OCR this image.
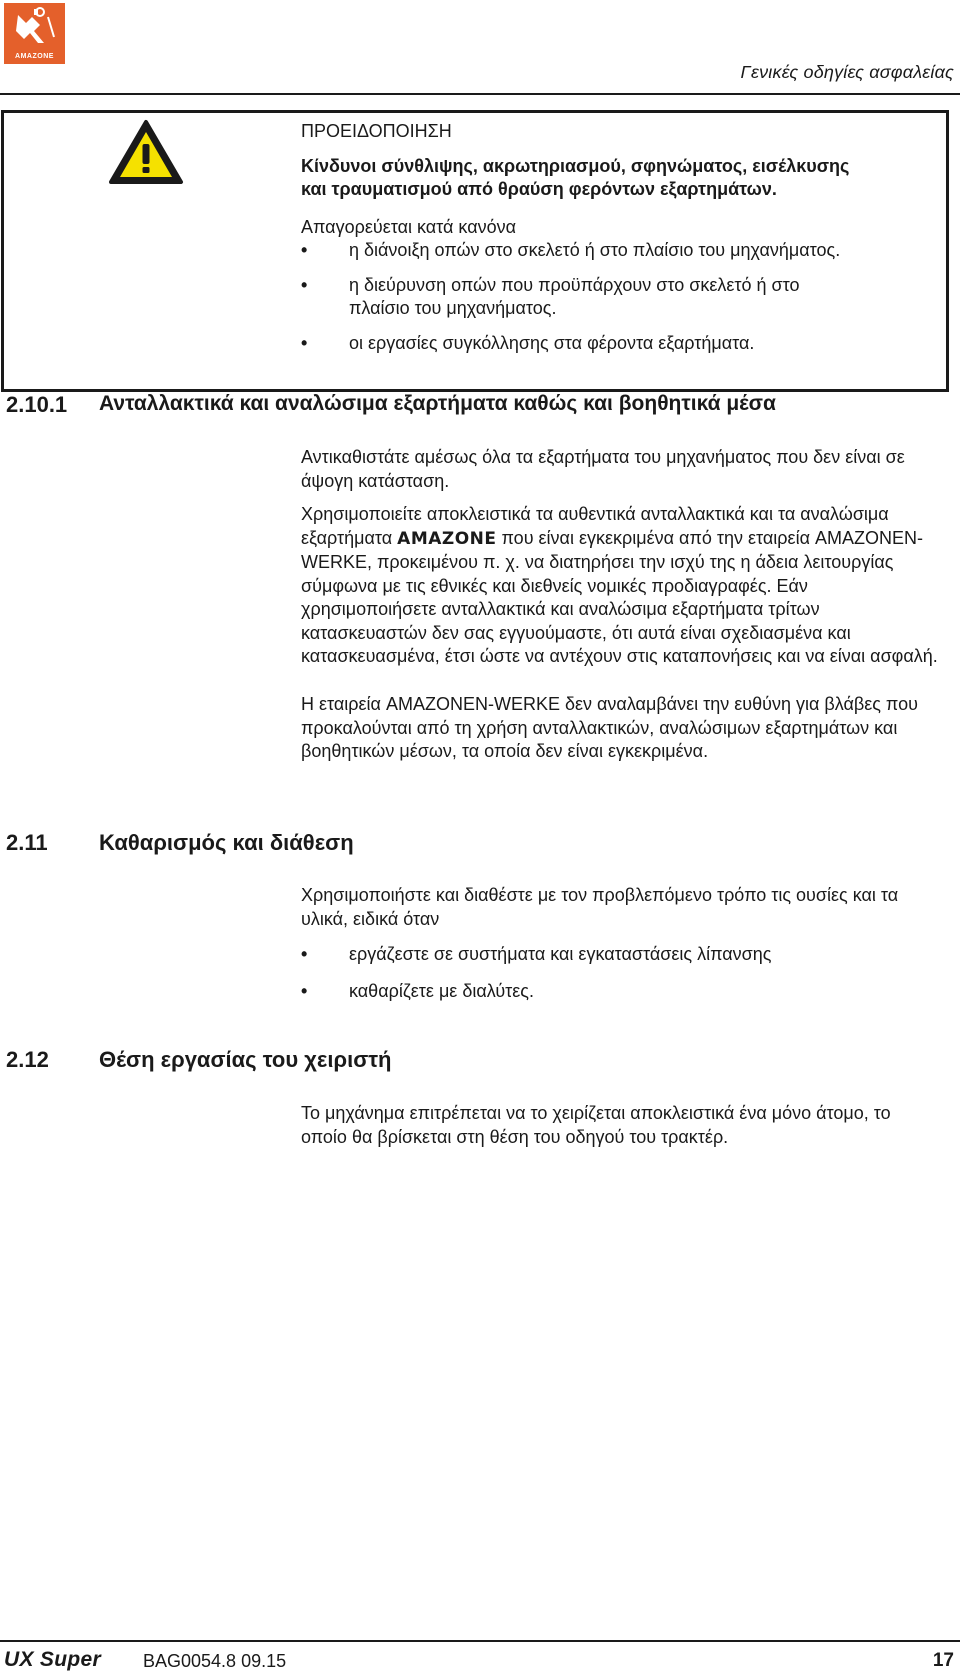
AMAZONE
Γενικές οδηγίες ασφαλείας
ΠΡΟΕΙΔΟΠΟΙΗΣΗ
Κίνδυνοι σύνθλιψης, ακρωτηριασμού, σφηνώματος, εισέλκυσης
και τραυματισμού από θραύση φερόντων εξαρτημάτων.
Απαγορεύεται κατά κανόνα
•	η διάνοιξη οπών στο σκελετό ή στο πλαίσιο του μηχανήματος.
•	η διεύρυνση οπών που προϋπάρχουν στο σκελετό ή στο πλαίσιο του μηχανήματος.
•	οι εργασίες συγκόλλησης στα φέροντα εξαρτήματα.
2.10.1 Ανταλλακτικά και αναλώσιμα εξαρτήματα καθώς και βοηθητικά μέσα
Αντικαθιστάτε αμέσως όλα τα εξαρτήματα του μηχανήματος που δεν είναι σε άψογη κατάσταση.
Χρησιμοποιείτε αποκλειστικά τα αυθεντικά ανταλλακτικά και τα αναλώσιμα εξαρτήματα AMAZONE που είναι εγκεκριμένα από την εταιρεία AMAZONEN-WERKE, προκειμένου π. χ. να διατηρήσει την ισχύ της η άδεια λειτουργίας σύμφωνα με τις εθνικές και διεθνείς νομικές προδιαγραφές. Εάν χρησιμοποιήσετε ανταλλακτικά και αναλώσιμα εξαρτήματα τρίτων κατασκευαστών δεν σας εγγυούμαστε, ότι αυτά είναι σχεδιασμένα και κατασκευασμένα, έτσι ώστε να αντέχουν στις καταπονήσεις και να είναι ασφαλή.
Η εταιρεία AMAZONEN-WERKE δεν αναλαμβάνει την ευθύνη για βλάβες που προκαλούνται από τη χρήση ανταλλακτικών, αναλώσιμων εξαρτημάτων και βοηθητικών μέσων, τα οποία δεν είναι εγκεκριμένα.
2.11 Καθαρισμός και διάθεση
Χρησιμοποιήστε και διαθέστε με τον προβλεπόμενο τρόπο τις ουσίες και τα υλικά, ειδικά όταν
•	εργάζεστε σε συστήματα και εγκαταστάσεις λίπανσης
•	καθαρίζετε με διαλύτες.
2.12 Θέση εργασίας του χειριστή
Το μηχάνημα επιτρέπεται να το χειρίζεται αποκλειστικά ένα μόνο άτομο, το οποίο θα βρίσκεται στη θέση του οδηγού του τρακτέρ.
UX Super BAG0054.8 09.15	17
